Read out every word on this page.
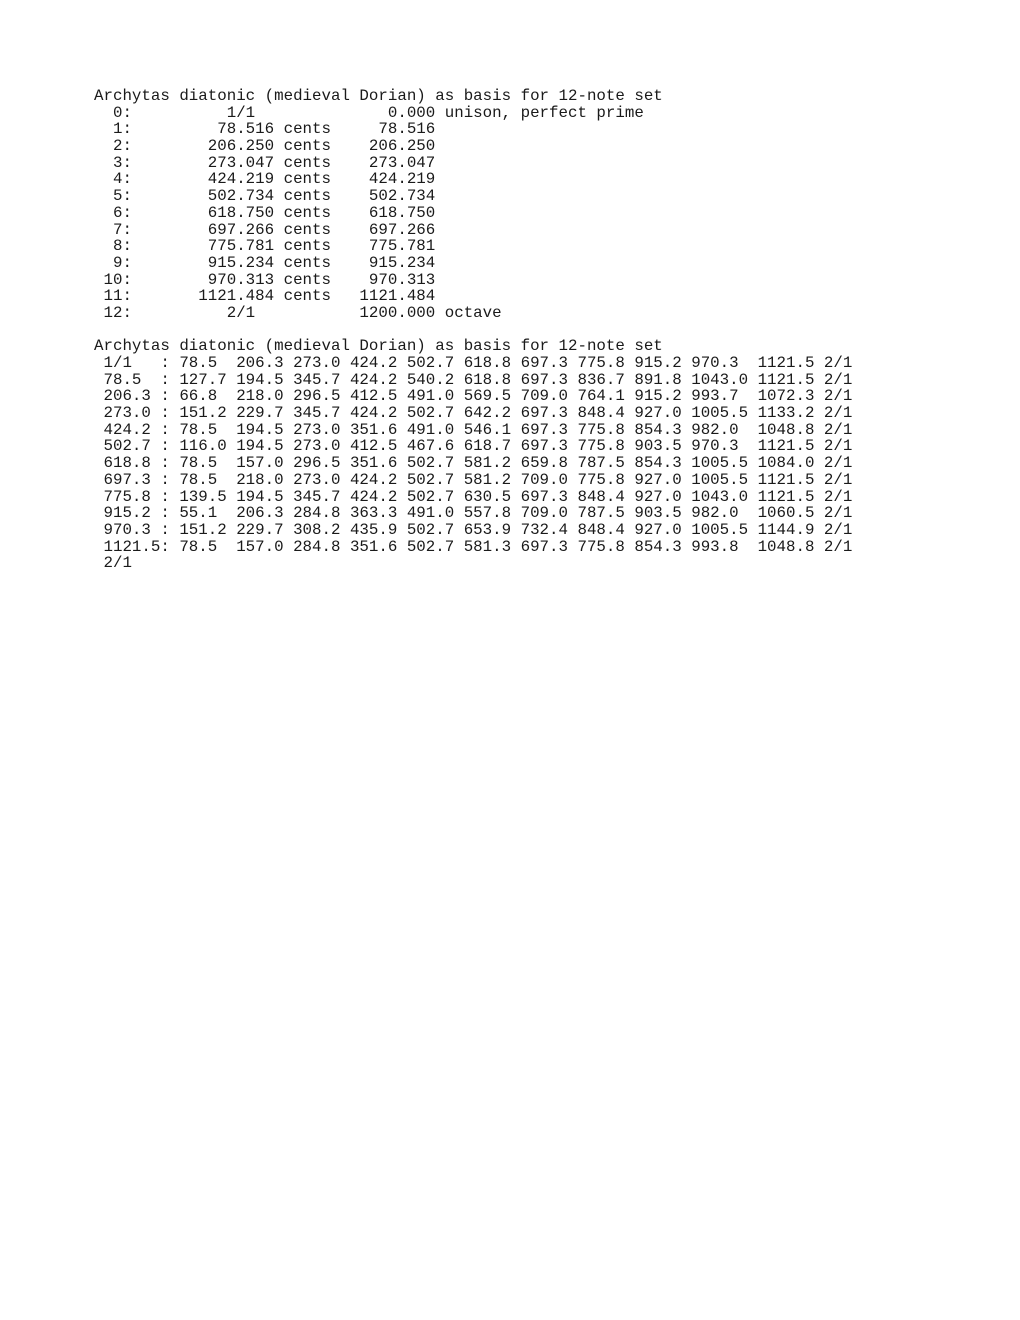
Archytas diatonic (medieval Dorian) as basis for 12-note set
0:          1/1              0.000 unison, perfect prime
1:         78.516 cents     78.516
2:        206.250 cents    206.250
3:        273.047 cents    273.047
4:        424.219 cents    424.219
5:        502.734 cents    502.734
6:        618.750 cents    618.750
7:        697.266 cents    697.266
8:        775.781 cents    775.781
9:        915.234 cents    915.234
10:        970.313 cents    970.313
11:       1121.484 cents   1121.484
12:          2/1           1200.000 octave
Archytas diatonic (medieval Dorian) as basis for 12-note set
1/1   : 78.5  206.3 273.0 424.2 502.7 618.8 697.3 775.8 915.2 970.3  1121.5 2/1
78.5  : 127.7 194.5 345.7 424.2 540.2 618.8 697.3 836.7 891.8 1043.0 1121.5 2/1
206.3 : 66.8  218.0 296.5 412.5 491.0 569.5 709.0 764.1 915.2 993.7  1072.3 2/1
273.0 : 151.2 229.7 345.7 424.2 502.7 642.2 697.3 848.4 927.0 1005.5 1133.2 2/1
424.2 : 78.5  194.5 273.0 351.6 491.0 546.1 697.3 775.8 854.3 982.0  1048.8 2/1
502.7 : 116.0 194.5 273.0 412.5 467.6 618.7 697.3 775.8 903.5 970.3  1121.5 2/1
618.8 : 78.5  157.0 296.5 351.6 502.7 581.2 659.8 787.5 854.3 1005.5 1084.0 2/1
697.3 : 78.5  218.0 273.0 424.2 502.7 581.2 709.0 775.8 927.0 1005.5 1121.5 2/1
775.8 : 139.5 194.5 345.7 424.2 502.7 630.5 697.3 848.4 927.0 1043.0 1121.5 2/1
915.2 : 55.1  206.3 284.8 363.3 491.0 557.8 709.0 787.5 903.5 982.0  1060.5 2/1
970.3 : 151.2 229.7 308.2 435.9 502.7 653.9 732.4 848.4 927.0 1005.5 1144.9 2/1
1121.5: 78.5  157.0 284.8 351.6 502.7 581.3 697.3 775.8 854.3 993.8  1048.8 2/1
2/1
